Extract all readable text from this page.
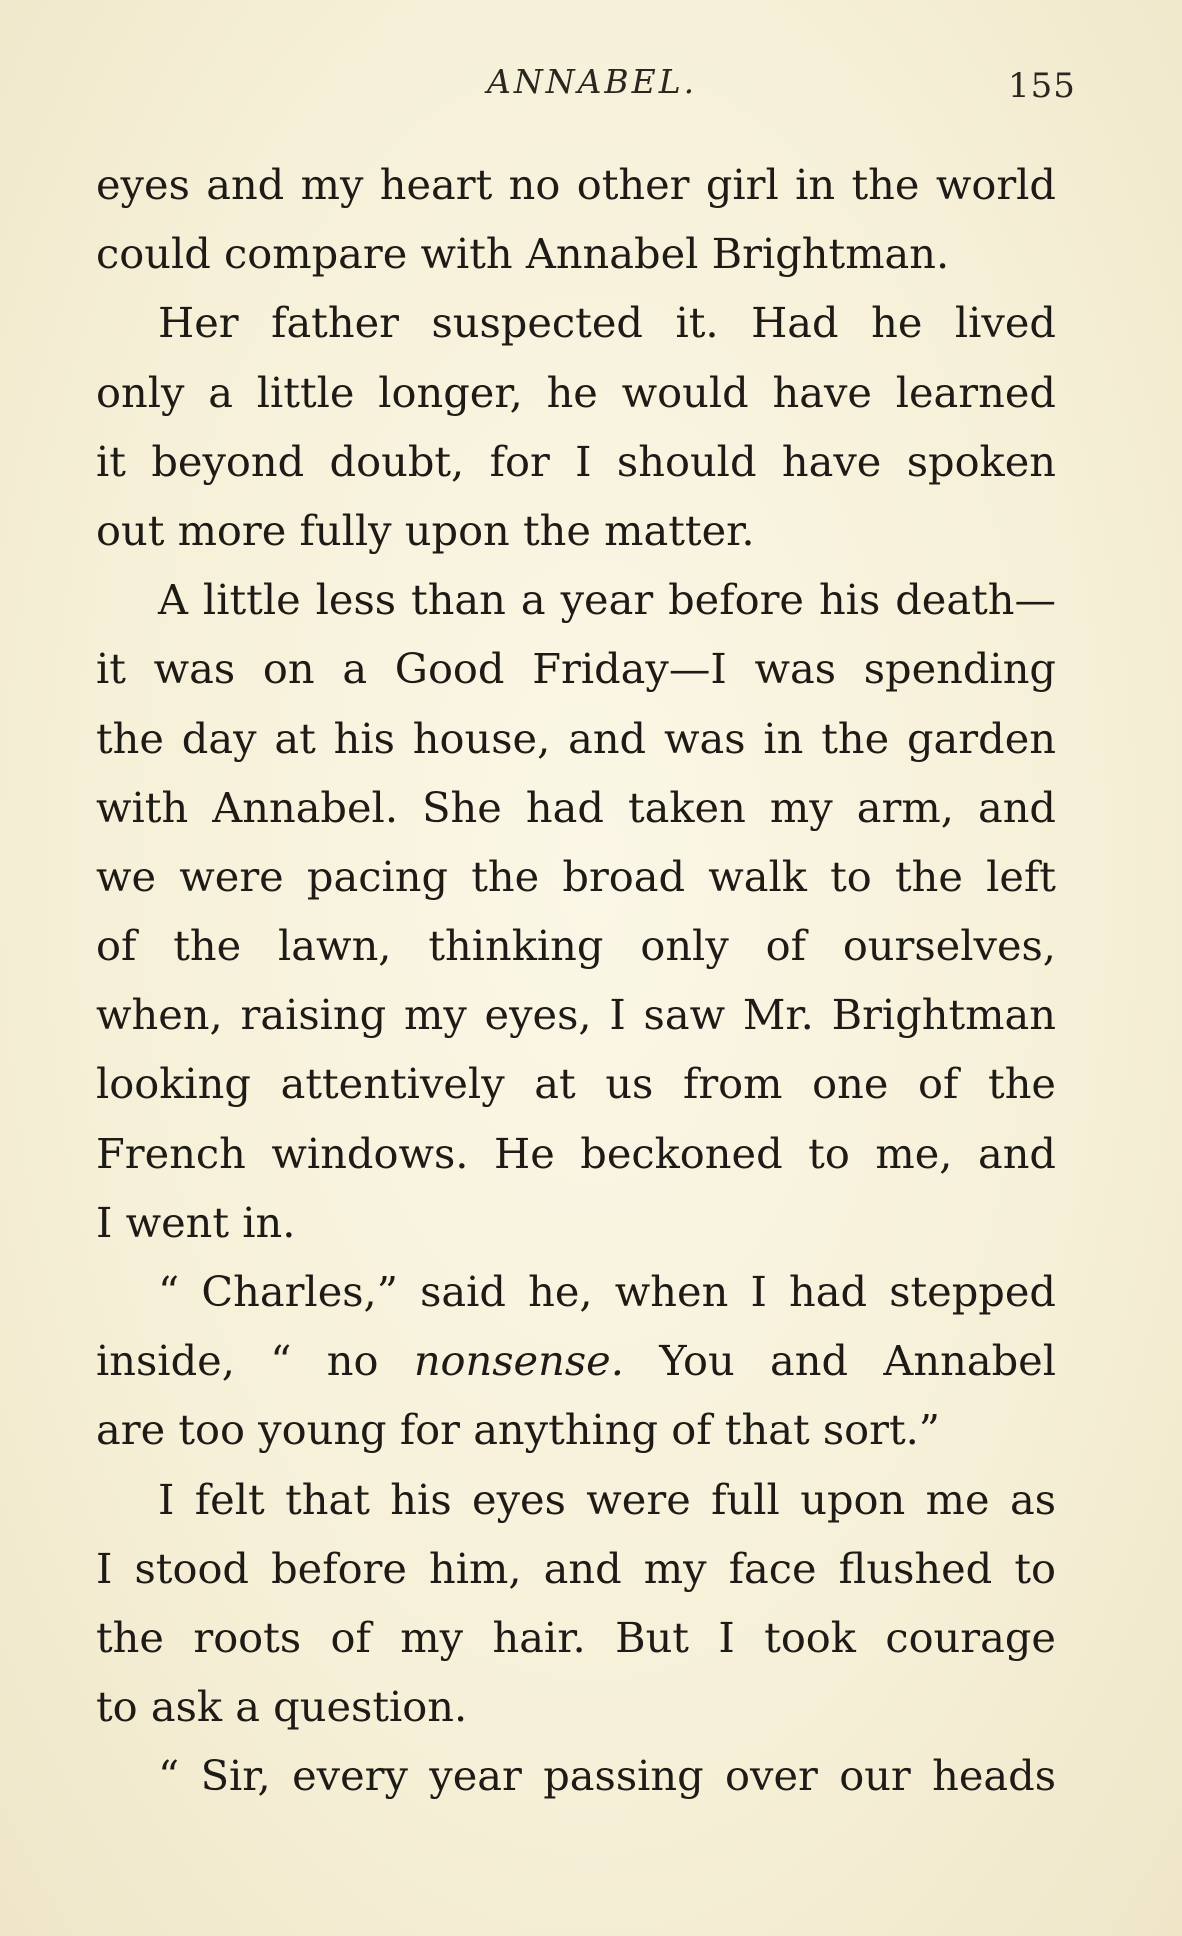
ANNABEL.	155
eyes and my heart no other girl in the world
could compare with Annabel Brightman.
Her father suspected it. Had he lived
only a little longer, he would have learned
it beyond doubt, for I should have spoken
out more fully upon the matter.
A little less than a year before his death—
it was on a Good Friday—I was spending
the day at his house, and was in the garden
with Annabel. She had taken my arm, and
we were pacing the broad walk to the left
of the lawn, thinking only of ourselves,
when, raising my eyes, I saw Mr. Brightman
looking attentively at us from one of the
French windows. He beckoned to me, and
I went in.
“ Charles,” said he, when I had stepped
inside, “ no nonsense. You and Annabel
are too young for anything of that sort.”
I felt that his eyes were full upon me as
I stood before him, and my face flushed to
the roots of my hair. But I took courage
to ask a question.
“ Sir, every year passing over our heads
